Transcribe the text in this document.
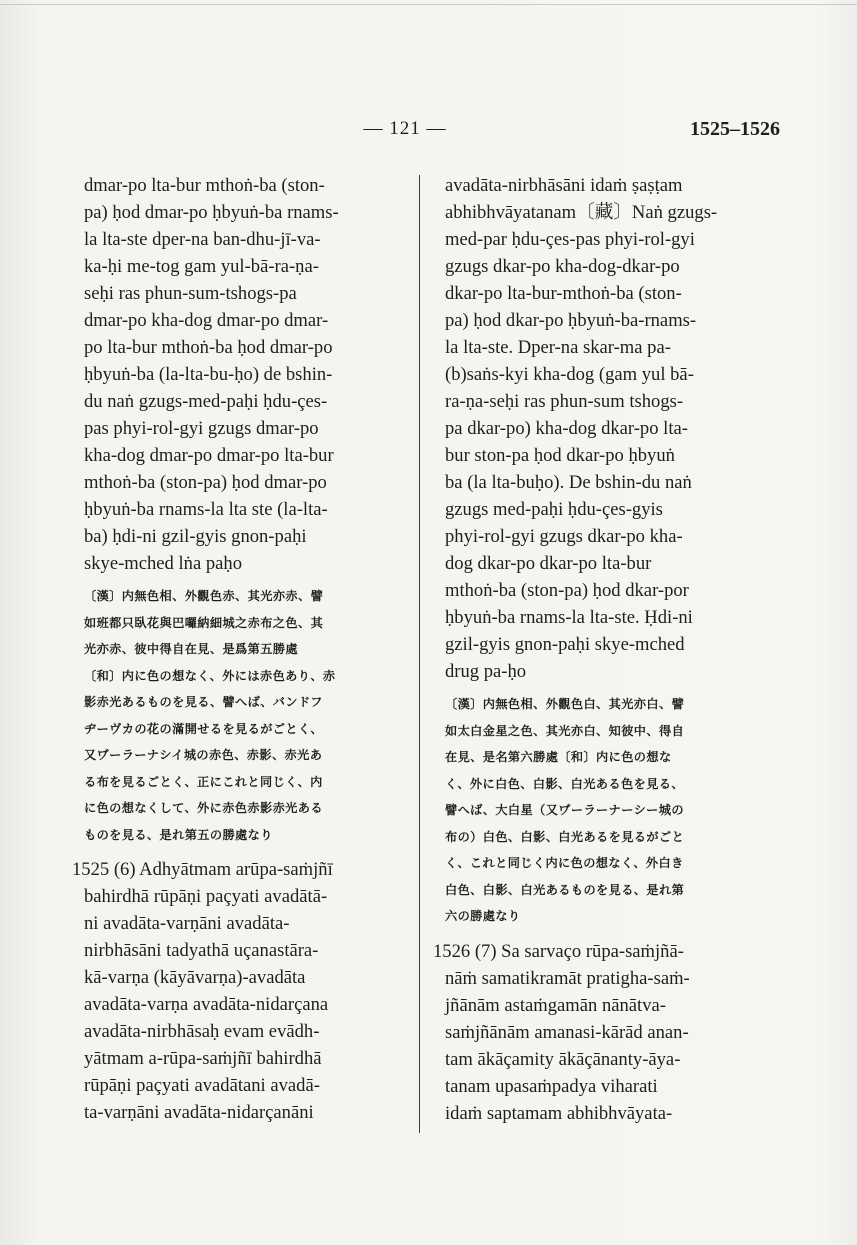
— 121 —	1525–1526
dmar-po lta-bur mthoṅ-ba (ston-
pa) ḥod dmar-po ḥbyuṅ-ba rnams-
la lta-ste dper-na ban-dhu-jī-va-
ka-ḥi me-tog gam yul-bā-ra-ṇa-
seḥi ras phun-sum-tshogs-pa
dmar-po kha-dog dmar-po dmar-
po lta-bur mthoṅ-ba ḥod dmar-po
ḥbyuṅ-ba (la-lta-bu-ḥo) de bshin-
du naṅ gzugs-med-paḥi ḥdu-çes-
pas phyi-rol-gyi gzugs dmar-po
kha-dog dmar-po dmar-po lta-bur
mthoṅ-ba (ston-pa) ḥod dmar-po
ḥbyuṅ-ba rnams-la lta ste (la-lta-
ba) ḥdi-ni gzil-gyis gnon-paḥi
skye-mched lṅa paḥo
〔漢〕内無色相、外觀色赤、其光亦赤、譬
如班都只臥花與巴囉納細城之赤布之色、其
光亦赤、彼中得自在見、是爲第五勝處
〔和〕内に色の想なく、外には赤色あり、赤
影赤光あるものを見る、譬へば、バンドフ
ヂーヴカの花の滿開せるを見るがごとく、
又ヷーラーナシイ城の赤色、赤影、赤光あ
る布を見るごとく、正にこれと同じく、内
に色の想なくして、外に赤色赤影赤光ある
ものを見る、是れ第五の勝處なり
1525 (6) Adhyātmam arūpa-saṁjñī
bahirdhā rūpāṇi paçyati avadātā-
ni avadāta-varṇāni avadāta-
nirbhāsāni tadyathā uçanastāra-
kā-varṇa (kāyāvarṇa)-avadāta
avadāta-varṇa avadāta-nidarçana
avadāta-nirbhāsaḥ evam evādh-
yātmam a-rūpa-saṁjñī bahirdhā
rūpāṇi paçyati avadātani avadā-
ta-varṇāni avadāta-nidarçanāni
avadāta-nirbhāsāni idaṁ ṣaṣṭam
abhibhvāyatanam〔藏〕Naṅ gzugs-
med-par ḥdu-çes-pas phyi-rol-gyi
gzugs dkar-po kha-dog-dkar-po
dkar-po lta-bur-mthoṅ-ba (ston-
pa) ḥod dkar-po ḥbyuṅ-ba-rnams-
la lta-ste. Dper-na skar-ma pa-
(b)saṅs-kyi kha-dog (gam yul bā-
ra-ṇa-seḥi ras phun-sum tshogs-
pa dkar-po) kha-dog dkar-po lta-
bur ston-pa ḥod dkar-po ḥbyuṅ
ba (la lta-buḥo). De bshin-du naṅ
gzugs med-paḥi ḥdu-çes-gyis
phyi-rol-gyi gzugs dkar-po kha-
dog dkar-po dkar-po lta-bur
mthoṅ-ba (ston-pa) ḥod dkar-por
ḥbyuṅ-ba rnams-la lta-ste. Ḥdi-ni
gzil-gyis gnon-paḥi skye-mched
drug pa-ḥo
〔漢〕内無色相、外觀色白、其光亦白、譬
如太白金星之色、其光亦白、知彼中、得自
在見、是名第六勝處〔和〕内に色の想な
く、外に白色、白影、白光ある色を見る、
譬へば、大白星（又ヷーラーナーシー城の
布の）白色、白影、白光あるを見るがごと
く、これと同じく内に色の想なく、外白き
白色、白影、白光あるものを見る、是れ第
六の勝處なり
1526 (7) Sa sarvaço rūpa-saṁjñā-
nāṁ samatikramāt pratigha-saṁ-
jñānām astaṁgamān nānātva-
saṁjñānām amanasi-kārād anan-
tam ākāçamity ākāçānanty-āya-
tanam upasaṁpadya viharati
idaṁ saptamam abhibhvāyata-
